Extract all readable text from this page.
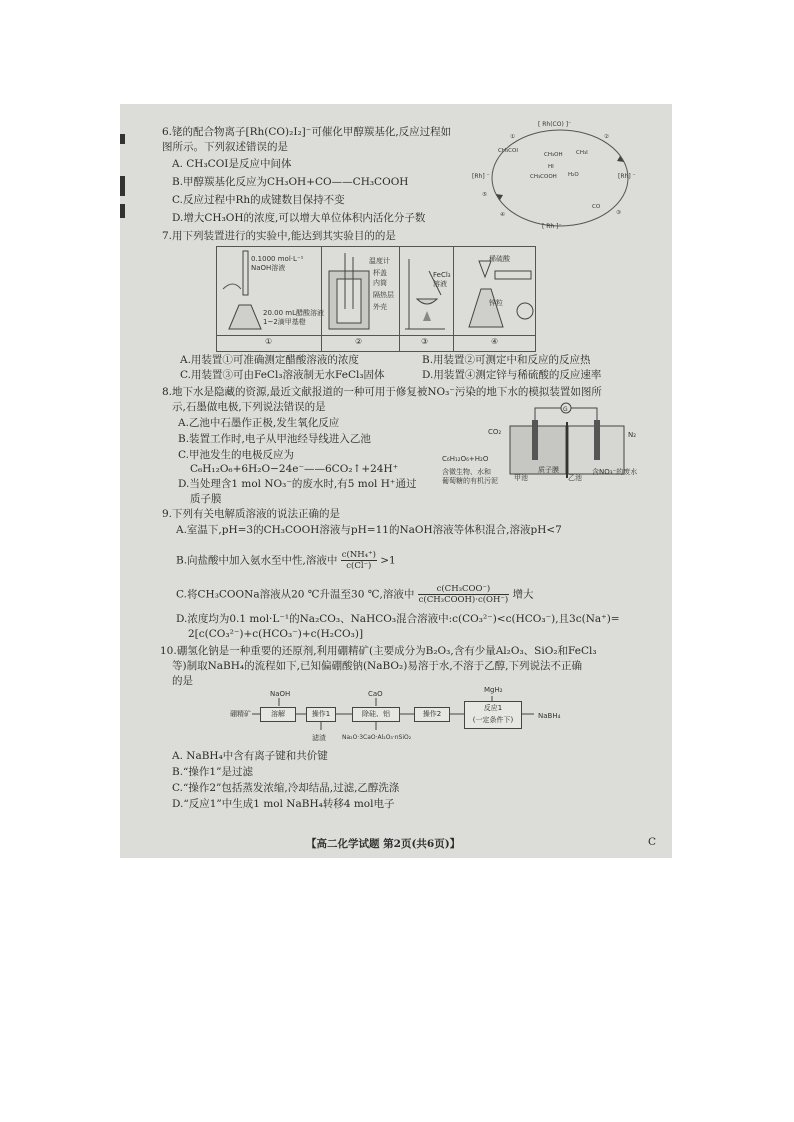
6.铑的配合物离子[Rh(CO)₂I₂]⁻可催化甲醇羰基化,反应过程如
图所示。下列叙述错误的是
A. CH₃COI是反应中间体
B.甲醇羰基化反应为CH₃OH+CO——CH₃COOH
C.反应过程中Rh的成键数目保持不变
D.增大CH₃OH的浓度,可以增大单位体积内活化分子数
[ Rh(CO) ]⁻
[Rh] ⁻	[Rh] ⁻
[ Rh ]⁻
CH₃COI
CH₃OH
CH₃COOH
HI
H₂O
CH₃I
CO
①	②
③
④
⑤
7.用下列装置进行的实验中,能达到其实验目的的是
0.1000 mol·L⁻¹
NaOH溶液
20.00 mL醋酸溶液
1~2滴甲基橙
温度计
杯盖
内筒
隔热层
外壳
FeCl₃
溶液
稀硫酸
锌粒
①	②	③	④
A.用装置①可准确测定醋酸溶液的浓度	B.用装置②可测定中和反应的反应热
C.用装置③可由FeCl₃溶液制无水FeCl₃固体	D.用装置④测定锌与稀硫酸的反应速率
8.地下水是隐藏的资源,最近文献报道的一种可用于修复被NO₃⁻污染的地下水的模拟装置如图所
示,石墨做电极,下列说法错误的是
A.乙池中石墨作正极,发生氧化反应
B.装置工作时,电子从甲池经导线进入乙池
C.甲池发生的电极反应为
C₆H₁₂O₆+6H₂O−24e⁻——6CO₂↑+24H⁺
D.当处理含1 mol NO₃⁻的废水时,有5 mol H⁺通过
质子膜
G
CO₂	N₂
C₆H₁₂O₆+H₂O
含微生物、水和
葡萄糖的有机污泥 甲池
质子膜
乙池
含NO₃⁻的废水
9.下列有关电解质溶液的说法正确的是
A.室温下,pH=3的CH₃COOH溶液与pH=11的NaOH溶液等体积混合,溶液pH<7
B.向盐酸中加入氨水至中性,溶液中 $\frac{\text{c(NH₄⁺)}}{c(Cl^-)} >1$
C.将CH₃COONa溶液从20 ℃升温至30 ℃,溶液中 $\frac{\text{c(CH₃COO⁻)}}{\text{c(CH₃COOH)·c(OH⁻)}}$ 增大
D.浓度均为0.1 mol·L⁻¹的Na₂CO₃、NaHCO₃混合溶液中:c(CO₃²⁻)<c(HCO₃⁻),且3c(Na⁺)=
2[c(CO₃²⁻)+c(HCO₃⁻)+c(H₂CO₃)]
10.硼氢化钠是一种重要的还原剂,利用硼精矿(主要成分为B₂O₃,含有少量Al₂O₃、SiO₂和FeCl₃
等)制取NaBH₄的流程如下,已知偏硼酸钠(NaBO₂)易溶于水,不溶于乙醇,下列说法不正确
的是
硼精矿	溶解	操作1	除硅、铝	操作2
反应1
(一定条件下)
NaOH	CaO	MgH₂
滤渣	Na₂O·3CaO·Al₂O₃·nSiO₂
NaBH₄
A. NaBH₄中含有离子键和共价键
B.“操作1”是过滤
C.“操作2”包括蒸发浓缩,冷却结晶,过滤,乙醇洗涤
D.“反应1”中生成1 mol NaBH₄转移4 mol电子
【高二化学试题 第2页(共6页)】	C
